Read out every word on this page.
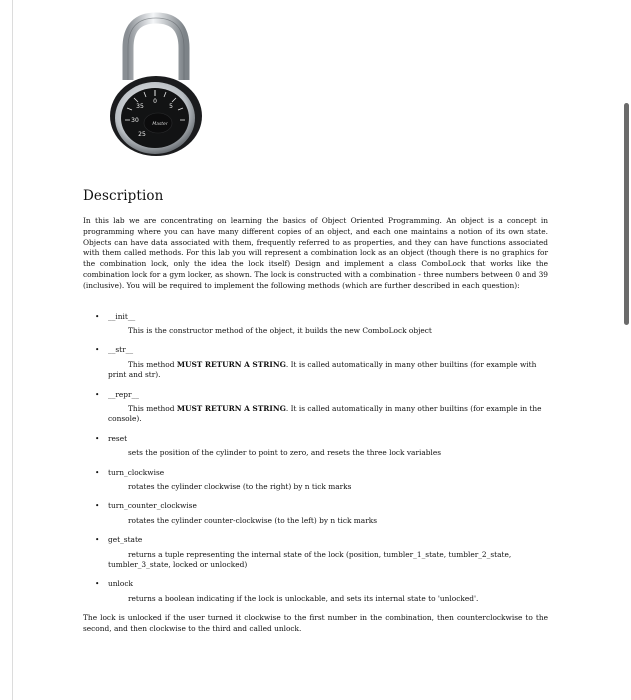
0
5
35
30
25
Master
Description

In this lab we are concentrating on learning the basics of Object Oriented Programming. An object is a concept in programming where you can have many different copies of an object, and each one maintains a notion of its own state. Objects can have data associated with them, frequently referred to as properties, and they can have functions associated with them called methods. For this lab you will represent a combination lock as an object (though there is no graphics for the combination lock, only the idea the lock itself) Design and implement a class ComboLock that works like the combination lock for a gym locker, as shown. The lock is constructed with a combination - three numbers between 0 and 39 (inclusive). You will be required to implement the following methods (which are further described in each question):

• __init__
This is the constructor method of the object, it builds the new ComboLock object
• __str__
This method MUST RETURN A STRING. It is called automatically in many other builtins (for example with print and str).
• __repr__
This method MUST RETURN A STRING. It is called automatically in many other builtins (for example in the console).
• reset
sets the position of the cylinder to point to zero, and resets the three lock variables
• turn_clockwise
rotates the cylinder clockwise (to the right) by n tick marks
• turn_counter_clockwise
rotates the cylinder counter-clockwise (to the left) by n tick marks
• get_state
returns a tuple representing the internal state of the lock (position, tumbler_1_state, tumbler_2_state, tumbler_3_state, locked or unlocked)
• unlock
returns a boolean indicating if the lock is unlockable, and sets its internal state to 'unlocked'.

The lock is unlocked if the user turned it clockwise to the first number in the combination, then counterclockwise to the second, and then clockwise to the third and called unlock.
